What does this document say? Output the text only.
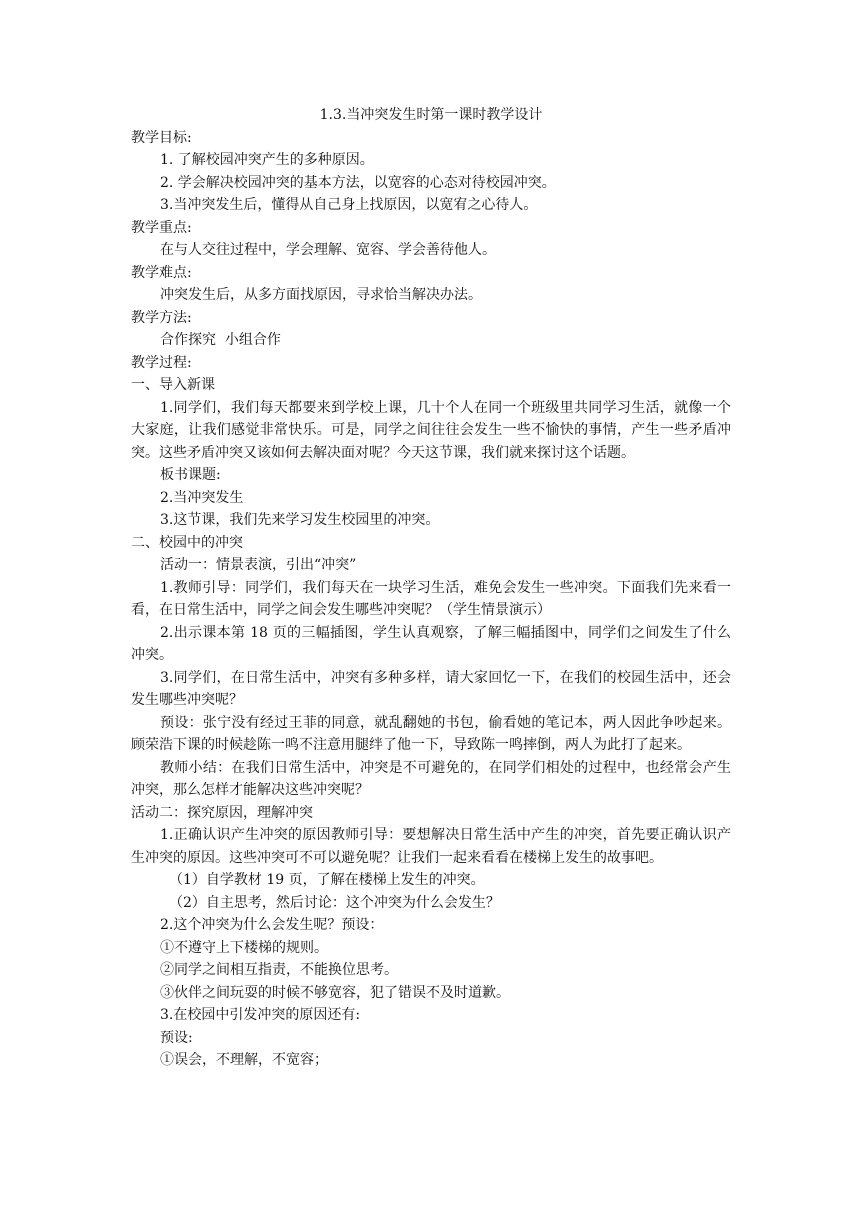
1.3.当冲突发生时第一课时教学设计
教学目标:
1. 了解校园冲突产生的多种原因。
2. 学会解决校园冲突的基本方法，以宽容的心态对待校园冲突。
3.当冲突发生后，懂得从自己身上找原因，以宽宥之心待人。
教学重点:
在与人交往过程中，学会理解、宽容、学会善待他人。
教学难点:
冲突发生后，从多方面找原因，寻求恰当解决办法。
教学方法:
合作探究  小组合作
教学过程:
一、导入新课
1.同学们，我们每天都要来到学校上课，几十个人在同一个班级里共同学习生活，就像一个大家庭，让我们感觉非常快乐。可是，同学之间往往会发生一些不愉快的事情，产生一些矛盾冲突。这些矛盾冲突又该如何去解决面对呢？今天这节课，我们就来探讨这个话题。
板书课题:
2.当冲突发生
3.这节课，我们先来学习发生校园里的冲突。
二、校园中的冲突
活动一：情景表演，引出“冲突”
1.教师引导：同学们，我们每天在一块学习生活，难免会发生一些冲突。下面我们先来看一看，在日常生活中，同学之间会发生哪些冲突呢？（学生情景演示）
2.出示课本第 18 页的三幅插图，学生认真观察，了解三幅插图中，同学们之间发生了什么冲突。
3.同学们，在日常生活中，冲突有多种多样，请大家回忆一下，在我们的校园生活中，还会发生哪些冲突呢？
预设：张宁没有经过王菲的同意，就乱翻她的书包，偷看她的笔记本，两人因此争吵起来。顾荣浩下课的时候趁陈一鸣不注意用腿绊了他一下，导致陈一鸣摔倒，两人为此打了起来。
教师小结：在我们日常生活中，冲突是不可避免的，在同学们相处的过程中，也经常会产生冲突，那么怎样才能解决这些冲突呢？
活动二：探究原因，理解冲突
1.正确认识产生冲突的原因教师引导：要想解决日常生活中产生的冲突，首先要正确认识产生冲突的原因。这些冲突可不可以避免呢？让我们一起来看看在楼梯上发生的故事吧。
（1）自学教材 19 页，了解在楼梯上发生的冲突。
（2）自主思考，然后讨论：这个冲突为什么会发生？
2.这个冲突为什么会发生呢？预设：
①不遵守上下楼梯的规则。
②同学之间相互指责，不能换位思考。
③伙伴之间玩耍的时候不够宽容，犯了错误不及时道歉。
3.在校园中引发冲突的原因还有:
预设:
①误会，不理解，不宽容；
